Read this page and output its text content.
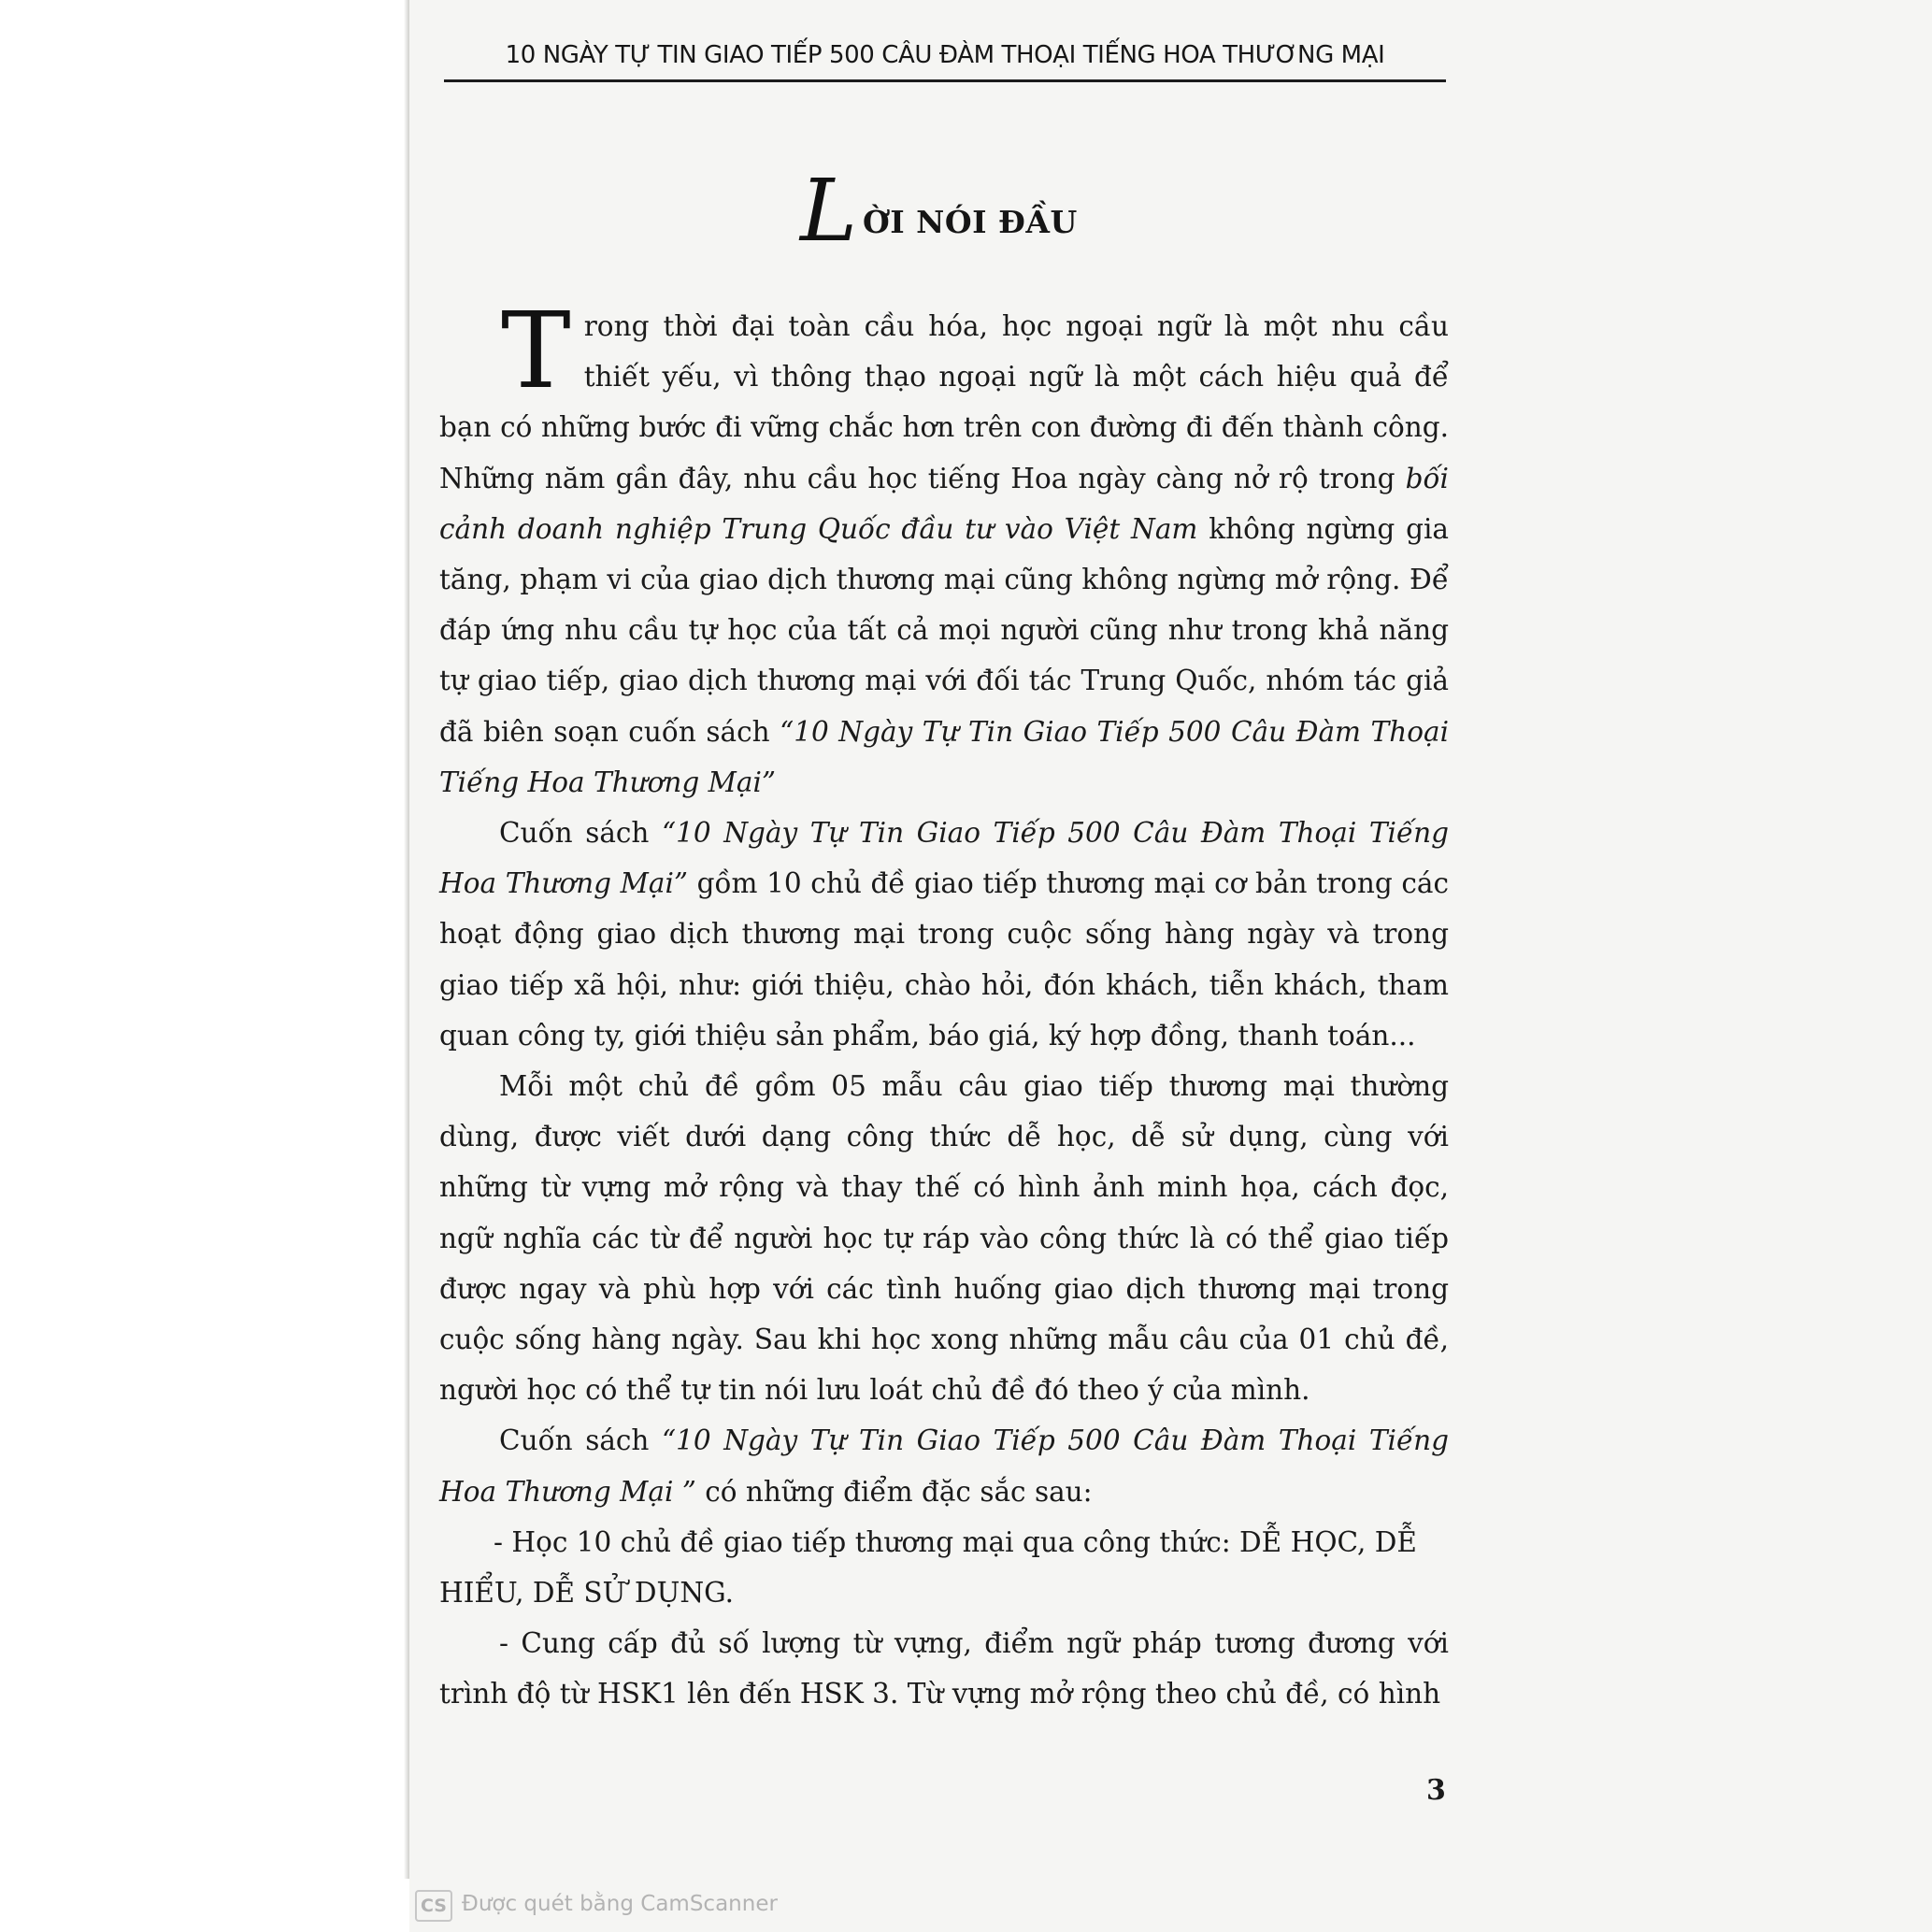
10 NGÀY TỰ TIN GIAO TIẾP 500 CÂU ĐÀM THOẠI TIẾNG HOA THƯƠNG MẠI
L ỜI NÓI ĐẦU

Trong thời đại toàn cầu hóa, học ngoại ngữ là một nhu cầu thiết yếu, vì thông thạo ngoại ngữ là một cách hiệu quả để bạn có những bước đi vững chắc hơn trên con đường đi đến thành công. Những năm gần đây, nhu cầu học tiếng Hoa ngày càng nở rộ trong bối cảnh doanh nghiệp Trung Quốc đầu tư vào Việt Nam không ngừng gia tăng, phạm vi của giao dịch thương mại cũng không ngừng mở rộng. Để đáp ứng nhu cầu tự học của tất cả mọi người cũng như trong khả năng tự giao tiếp, giao dịch thương mại với đối tác Trung Quốc, nhóm tác giả đã biên soạn cuốn sách “10 Ngày Tự Tin Giao Tiếp 500 Câu Đàm Thoại Tiếng Hoa Thương Mại”

Cuốn sách “10 Ngày Tự Tin Giao Tiếp 500 Câu Đàm Thoại Tiếng Hoa Thương Mại” gồm 10 chủ đề giao tiếp thương mại cơ bản trong các hoạt động giao dịch thương mại trong cuộc sống hàng ngày và trong giao tiếp xã hội, như: giới thiệu, chào hỏi, đón khách, tiễn khách, tham quan công ty, giới thiệu sản phẩm, báo giá, ký hợp đồng, thanh toán...

Mỗi một chủ đề gồm 05 mẫu câu giao tiếp thương mại thường dùng, được viết dưới dạng công thức dễ học, dễ sử dụng, cùng với những từ vựng mở rộng và thay thế có hình ảnh minh họa, cách đọc, ngữ nghĩa các từ để người học tự ráp vào công thức là có thể giao tiếp được ngay và phù hợp với các tình huống giao dịch thương mại trong cuộc sống hàng ngày. Sau khi học xong những mẫu câu của 01 chủ đề, người học có thể tự tin nói lưu loát chủ đề đó theo ý của mình.

Cuốn sách “10 Ngày Tự Tin Giao Tiếp 500 Câu Đàm Thoại Tiếng Hoa Thương Mại ” có những điểm đặc sắc sau:

- Học 10 chủ đề giao tiếp thương mại qua công thức: DỄ HỌC, DỄ HIỂU, DỄ SỬ DỤNG.

- Cung cấp đủ số lượng từ vựng, điểm ngữ pháp tương đương với trình độ từ HSK1 lên đến HSK 3. Từ vựng mở rộng theo chủ đề, có hình

3
CS Được quét bằng CamScanner
